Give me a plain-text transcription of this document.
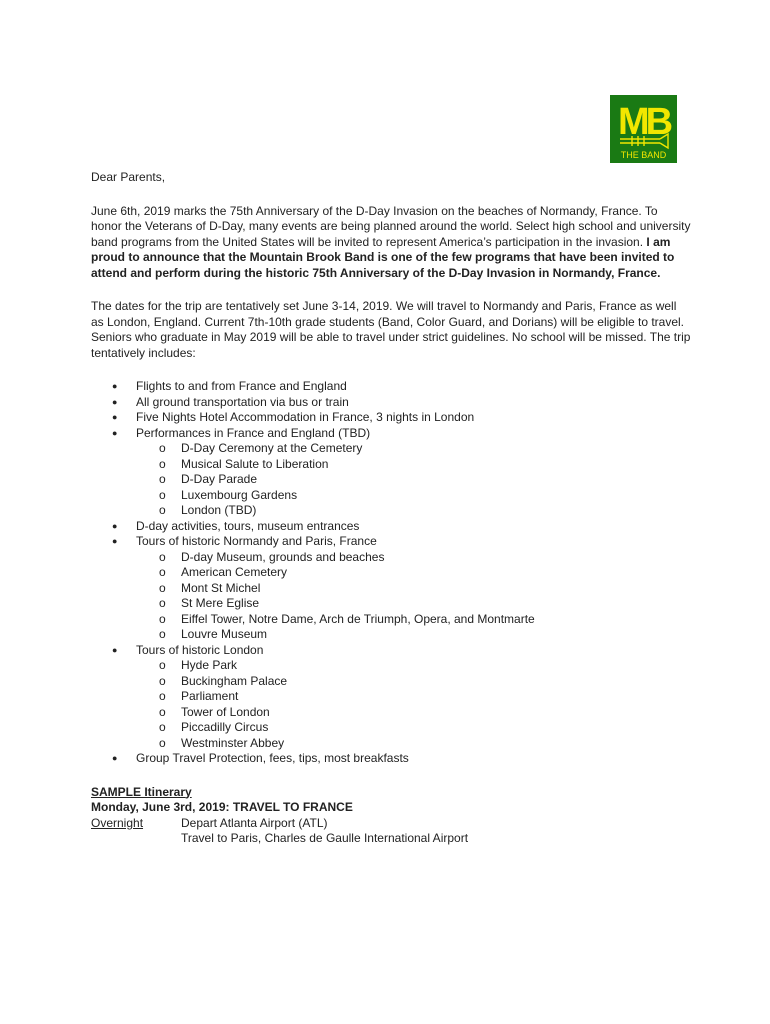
MB
THE BAND

Dear Parents,

June 6th, 2019 marks the 75th Anniversary of the D-Day Invasion on the beaches of Normandy, France. To honor the Veterans of D-Day, many events are being planned around the world. Select high school and university band programs from the United States will be invited to represent America’s participation in the invasion. I am proud to announce that the Mountain Brook Band is one of the few programs that have been invited to attend and perform during the historic 75th Anniversary of the D-Day Invasion in Normandy, France.

The dates for the trip are tentatively set June 3-14, 2019. We will travel to Normandy and Paris, France as well as London, England. Current 7th-10th grade students (Band, Color Guard, and Dorians) will be eligible to travel. Seniors who graduate in May 2019 will be able to travel under strict guidelines. No school will be missed. The trip tentatively includes:

● Flights to and from France and England
● All ground transportation via bus or train
● Five Nights Hotel Accommodation in France, 3 nights in London
● Performances in France and England (TBD)
o D-Day Ceremony at the Cemetery
o Musical Salute to Liberation
o D-Day Parade
o Luxembourg Gardens
o London (TBD)
● D-day activities, tours, museum entrances
● Tours of historic Normandy and Paris, France
o D-day Museum, grounds and beaches
o American Cemetery
o Mont St Michel
o St Mere Eglise
o Eiffel Tower, Notre Dame, Arch de Triumph, Opera, and Montmarte
o Louvre Museum
● Tours of historic London
o Hyde Park
o Buckingham Palace
o Parliament
o Tower of London
o Piccadilly Circus
o Westminster Abbey
● Group Travel Protection, fees, tips, most breakfasts

SAMPLE Itinerary

Monday, June 3rd, 2019: TRAVEL TO FRANCE

Overnight	Depart Atlanta Airport (ATL)
Travel to Paris, Charles de Gaulle International Airport
